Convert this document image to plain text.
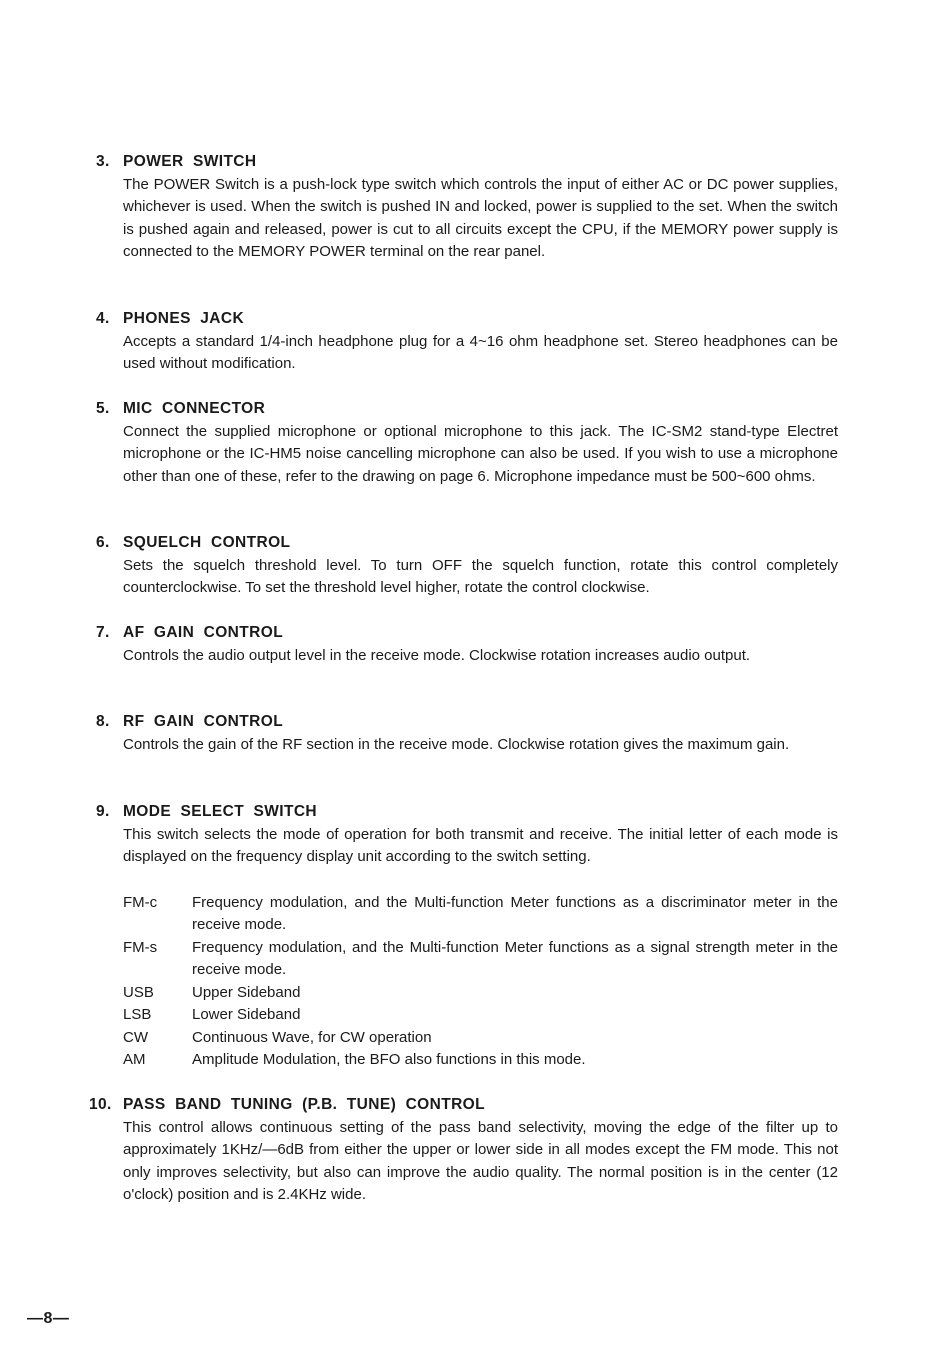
3. POWER  SWITCH

The POWER Switch is a push-lock type switch which controls the input of either AC or DC power supplies, whichever is used. When the switch is pushed IN and locked, power is supplied to the set. When the switch is pushed again and released, power is cut to all circuits except the CPU, if the MEMORY power supply is connected to the MEMORY POWER terminal on the rear panel.

4. PHONES  JACK

Accepts a standard 1/4-inch headphone plug for a 4~16 ohm headphone set. Stereo headphones can be used without modification.

5. MIC  CONNECTOR

Connect the supplied microphone or optional microphone to this jack. The IC-SM2 stand-type Electret microphone or the IC-HM5 noise cancelling microphone can also be used. If you wish to use a microphone other than one of these, refer to the drawing on page 6. Microphone impedance must be 500~600 ohms.

6. SQUELCH  CONTROL

Sets the squelch threshold level. To turn OFF the squelch function, rotate this control completely counterclockwise. To set the threshold level higher, rotate the control clockwise.

7. AF  GAIN  CONTROL

Controls the audio output level in the receive mode. Clockwise rotation increases audio output.

8. RF  GAIN  CONTROL

Controls the gain of the RF section in the receive mode. Clockwise rotation gives the maximum gain.

9. MODE  SELECT  SWITCH

This switch selects the mode of operation for both transmit and receive. The initial letter of each mode is displayed on the frequency display unit according to the switch setting.

FM-c	Frequency modulation, and the Multi-function Meter functions as a discriminator meter in the receive mode.
FM-s	Frequency modulation, and the Multi-function Meter functions as a signal strength meter in the receive mode.
USB	Upper Sideband
LSB	Lower Sideband
CW	Continuous Wave, for CW operation
AM	Amplitude Modulation, the BFO also functions in this mode.
10. PASS  BAND  TUNING  (P.B.  TUNE)  CONTROL

This control allows continuous setting of the pass band selectivity, moving the edge of the filter up to approximately 1KHz/—6dB from either the upper or lower side in all modes except the FM mode. This not only improves selectivity, but also can improve the audio quality. The normal position is in the center (12 o'clock) position and is 2.4KHz wide.

—8—
